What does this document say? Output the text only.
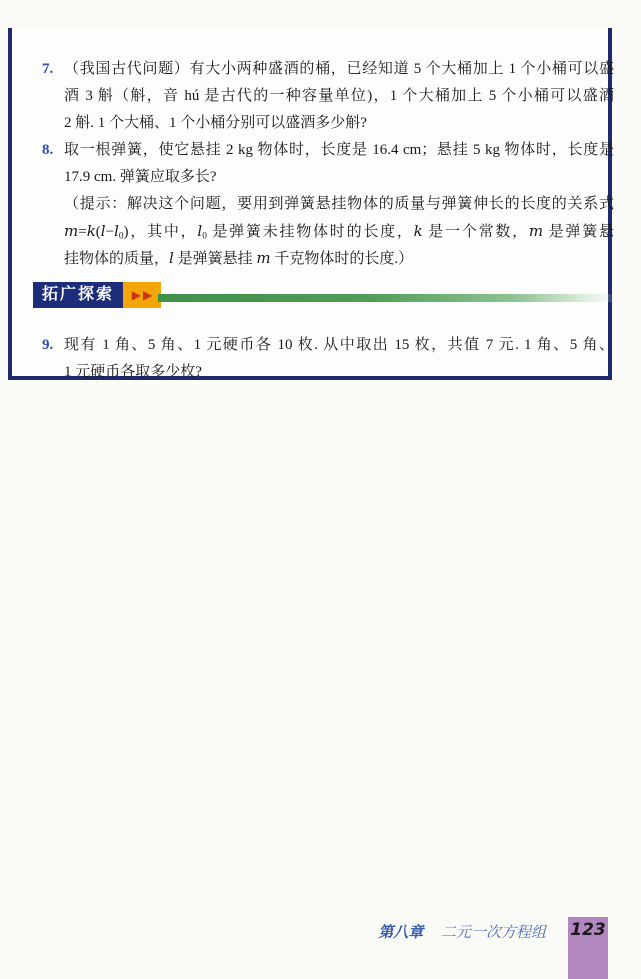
7. （我国古代问题）有大小两种盛酒的桶，已经知道 5 个大桶加上 1 个小桶可以盛
酒 3 斛（斛，音 hú 是古代的一种容量单位)，1 个大桶加上 5 个小桶可以盛酒
2 斛. 1 个大桶、1 个小桶分别可以盛酒多少斛?
8. 取一根弹簧，使它悬挂 2 kg 物体时，长度是 16.4 cm；悬挂 5 kg 物体时，长度是
17.9 cm. 弹簧应取多长?
（提示：解决这个问题，要用到弹簧悬挂物体的质量与弹簧伸长的长度的关系式
$m=k(l-l_0)$，其中，$l_0$ 是弹簧未挂物体时的长度，k 是一个常数，m 是弹簧悬
挂物体的质量，l 是弹簧悬挂 m 千克物体时的长度.）
拓广探索	▶ ▶
9. 现有 1 角、5 角、1 元硬币各 10 枚. 从中取出 15 枚，共值 7 元. 1 角、5 角、
1 元硬币各取多少枚?
第八章 二元一次方程组 123
